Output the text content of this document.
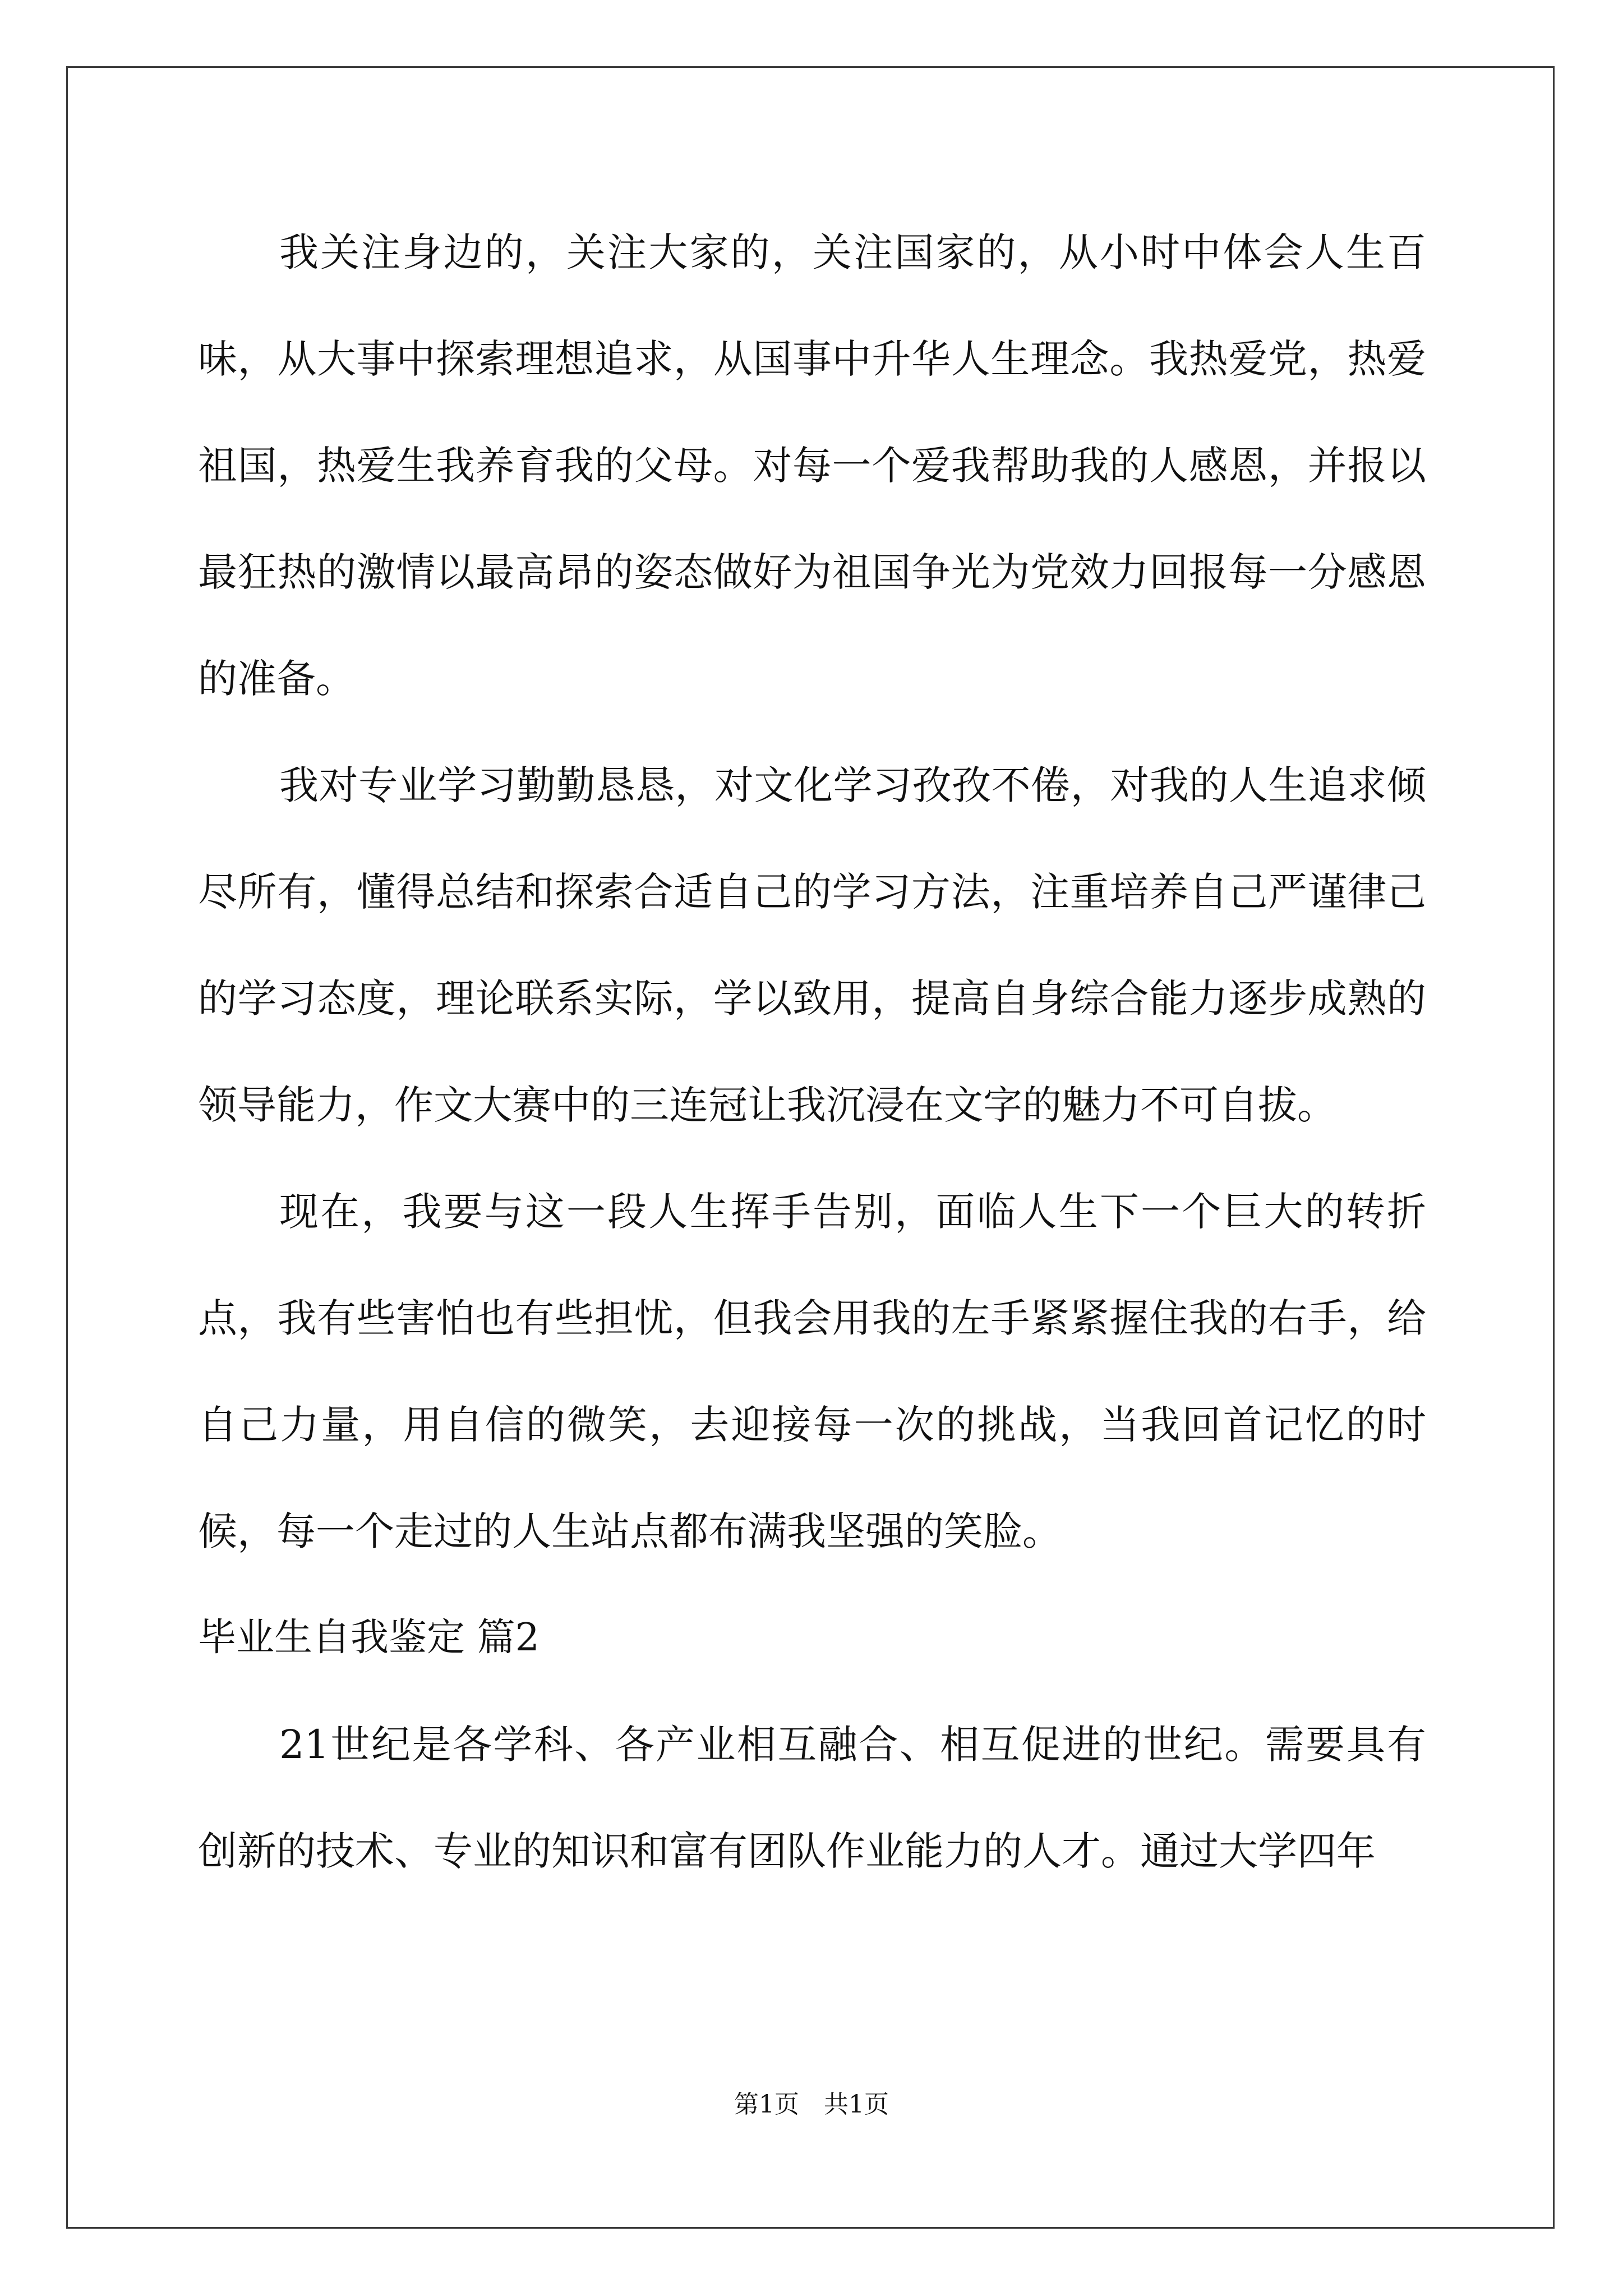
我关注身边的，关注大家的，关注国家的，从小时中体会人生百味，从大事中探索理想追求，从国事中升华人生理念。我热爱党，热爱祖国，热爱生我养育我的父母。对每一个爱我帮助我的人感恩，并报以最狂热的激情以最高昂的姿态做好为祖国争光为党效力回报每一分感恩的准备。

我对专业学习勤勤恳恳，对文化学习孜孜不倦，对我的人生追求倾尽所有，懂得总结和探索合适自己的学习方法，注重培养自己严谨律己的学习态度，理论联系实际，学以致用，提高自身综合能力逐步成熟的领导能力，作文大赛中的三连冠让我沉浸在文字的魅力不可自拔。

现在，我要与这一段人生挥手告别，面临人生下一个巨大的转折点，我有些害怕也有些担忧，但我会用我的左手紧紧握住我的右手，给自己力量，用自信的微笑，去迎接每一次的挑战，当我回首记忆的时候，每一个走过的人生站点都布满我坚强的笑脸。

毕业生自我鉴定 篇2

21世纪是各学科、各产业相互融合、相互促进的世纪。需要具有创新的技术、专业的知识和富有团队作业能力的人才。通过大学四年

第1页 共1页
